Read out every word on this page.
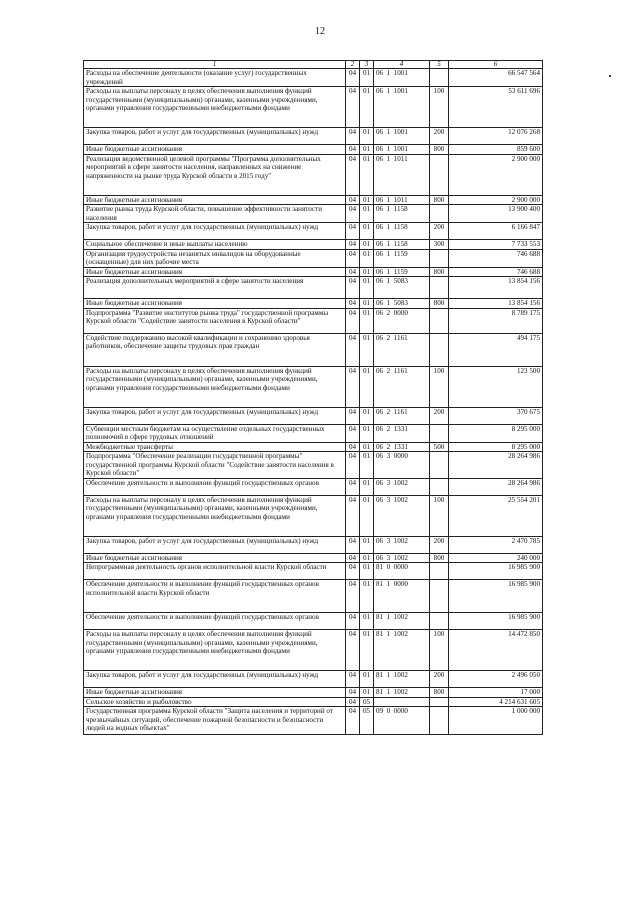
12
1	2	3	4	5	6
Расходы на обеспечение деятельности (оказание услуг) государственных учреждений	04	01	06  1  1001		66 547 564
Расходы на выплаты персоналу в целях обеспечения выполнения функций государственными (муниципальными) органами, казенными учреждениями, органами управления государственными внебюджетными фондами	04	01	06  1  1001	100	53 611 696
Закупка товаров, работ и услуг для государственных (муниципальных) нужд	04	01	06  1  1001	200	12 076 268
Иные бюджетные ассигнования	04	01	06  1  1001	800	859 600
Реализация ведомственной целевой программы "Программа дополнительных мероприятий в сфере занятости населения, направленных на снижение напряженности на рынке труда Курской области в 2015 году"	04	01	06  1  1011		2 900 000
Иные бюджетные ассигнования	04	01	06  1  1011	800	2 900 000
Развитие рынка труда Курской области, повышение эффективности занятости населения	04	01	06  1  1158		13 900 400
Закупка товаров, работ и услуг для государственных (муниципальных) нужд	04	01	06  1  1158	200	6 166 847
Социальное обеспечение и иные выплаты населению	04	01	06  1  1158	300	7 733 553
Организация трудоустройства незанятых инвалидов на оборудованные (оснащенные) для них рабочие места	04	01	06  1  1159		746 688
Иные бюджетные ассигнования	04	01	06  1  1159	800	746 688
Реализация дополнительных мероприятий в сфере занятости населения	04	01	06  1  5083		13 854 156
Иные бюджетные ассигнования	04	01	06  1  5083	800	13 854 156
Подпрограмма "Развитие институтов рынка труда" государственной программы Курской области "Содействие занятости населения в Курской области"	04	01	06  2  0000		8 789 175
Содействие поддержанию высокой квалификации и сохранению здоровья работников, обеспечение защиты трудовых прав граждан	04	01	06  2  1161		494 175
Расходы на выплаты персоналу в целях обеспечения выполнения функций государственными (муниципальными) органами, казенными учреждениями, органами управления государственными внебюджетными фондами	04	01	06  2  1161	100	123 500
Закупка товаров, работ и услуг для государственных (муниципальных) нужд	04	01	06  2  1161	200	370 675
Субвенции местным бюджетам на осуществление отдельных государственных полномочий в сфере трудовых отношений	04	01	06  2  1331		8 295 000
Межбюджетные трансферты	04	01	06  2  1331	500	8 295 000
Подпрограмма "Обеспечение реализации государственной программы" государственной программы Курской области "Содействие занятости населения в Курской области"	04	01	06  3  0000		28 264 986
Обеспечение деятельности и выполнение функций государственных органов	04	01	06  3  1002		28 264 986
Расходы на выплаты персоналу в целях обеспечения выполнения функций государственными (муниципальными) органами, казенными учреждениями, органами управления государственными внебюджетными фондами	04	01	06  3  1002	100	25 554 201
Закупка товаров, работ и услуг для государственных (муниципальных) нужд	04	01	06  3  1002	200	2 470 785
Иные бюджетные ассигнования	04	01	06  3  1002	800	240 000
Непрограммная деятельность органов исполнительной власти Курской области	04	01	81  0  0000		16 985 900
Обеспечение деятельности и выполнение функций государственных органов исполнительной власти Курской области	04	01	81  1  0000		16 985 900
Обеспечение деятельности и выполнение функций государственных органов	04	01	81  1  1002		16 985 900
Расходы на выплаты персоналу в целях обеспечения выполнения функций государственными (муниципальными) органами, казенными учреждениями, органами управления государственными внебюджетными фондами	04	01	81  1  1002	100	14 472 850
Закупка товаров, работ и услуг для государственных (муниципальных) нужд	04	01	81  1  1002	200	2 496 050
Иные бюджетные ассигнования	04	01	81  1  1002	800	17 000
Сельское хозяйство и рыболовство	04	05			4 214 631 605
Государственная программа Курской области "Защита населения и территорий от чрезвычайных ситуаций, обеспечение пожарной безопасности и безопасности людей на водных объектах"	04	05	09  0  0000		1 000 000
